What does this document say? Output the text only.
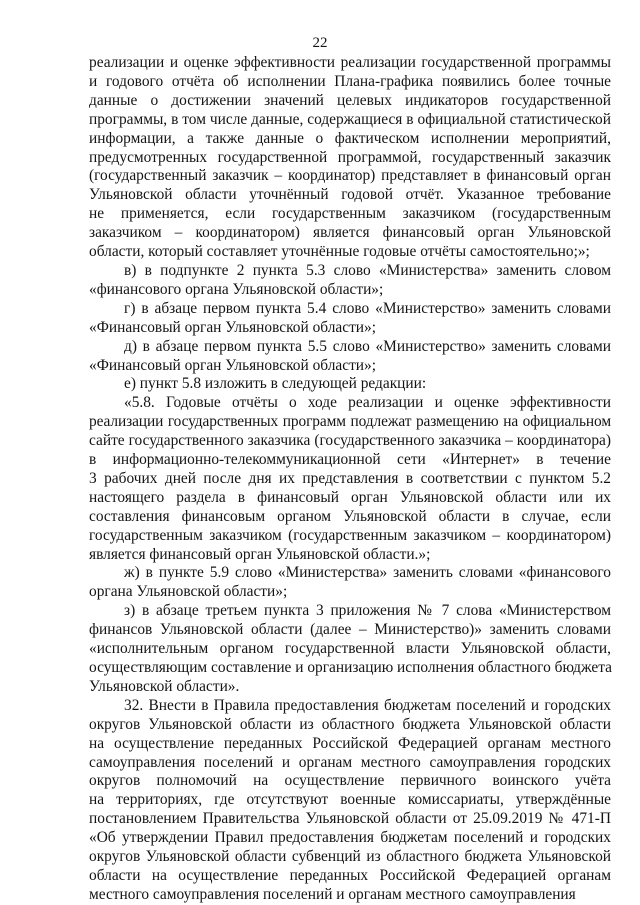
22
реализации и оценке эффективности реализации государственной программы
и годового отчёта об исполнении Плана-графика появились более точные
данные о достижении значений целевых индикаторов государственной
программы, в том числе данные, содержащиеся в официальной статистической
информации, а также данные о фактическом исполнении мероприятий,
предусмотренных государственной программой, государственный заказчик
(государственный заказчик – координатор) представляет в финансовый орган
Ульяновской области уточнённый годовой отчёт. Указанное требование
не применяется, если государственным заказчиком (государственным
заказчиком – координатором) является финансовый орган Ульяновской
области, который составляет уточнённые годовые отчёты самостоятельно;»;
в) в подпункте 2 пункта 5.3 слово «Министерства» заменить словом
«финансового органа Ульяновской области»;
г) в абзаце первом пункта 5.4 слово «Министерство» заменить словами
«Финансовый орган Ульяновской области»;
д) в абзаце первом пункта 5.5 слово «Министерство» заменить словами
«Финансовый орган Ульяновской области»;
е) пункт 5.8 изложить в следующей редакции:
«5.8. Годовые отчёты о ходе реализации и оценке эффективности
реализации государственных программ подлежат размещению на официальном
сайте государственного заказчика (государственного заказчика – координатора)
в информационно-телекоммуникационной сети «Интернет» в течение
3 рабочих дней после дня их представления в соответствии с пунктом 5.2
настоящего раздела в финансовый орган Ульяновской области или их
составления финансовым органом Ульяновской области в случае, если
государственным заказчиком (государственным заказчиком – координатором)
является финансовый орган Ульяновской области.»;
ж) в пункте 5.9 слово «Министерства» заменить словами «финансового
органа Ульяновской области»;
з) в абзаце третьем пункта 3 приложения № 7 слова «Министерством
финансов Ульяновской области (далее – Министерство)» заменить словами
«исполнительным органом государственной власти Ульяновской области,
осуществляющим составление и организацию исполнения областного бюджета
Ульяновской области».
32. Внести в Правила предоставления бюджетам поселений и городских
округов Ульяновской области из областного бюджета Ульяновской области
на осуществление переданных Российской Федерацией органам местного
самоуправления поселений и органам местного самоуправления городских
округов полномочий на осуществление первичного воинского учёта
на территориях, где отсутствуют военные комиссариаты, утверждённые
постановлением Правительства Ульяновской области от 25.09.2019 № 471-П
«Об утверждении Правил предоставления бюджетам поселений и городских
округов Ульяновской области субвенций из областного бюджета Ульяновской
области на осуществление переданных Российской Федерацией органам
местного самоуправления поселений и органам местного самоуправления
